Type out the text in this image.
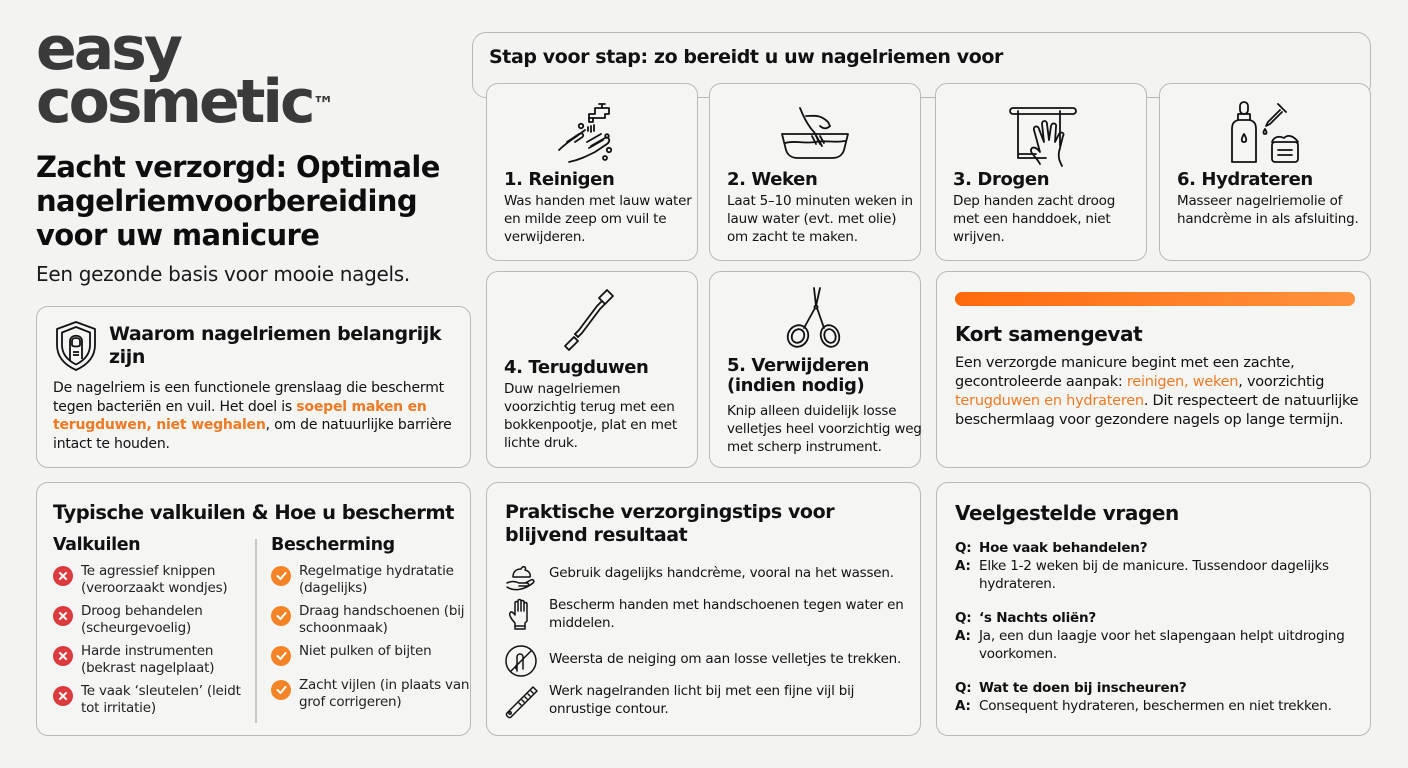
easy
cosmetic™
Zacht verzorgd: Optimale nagelriemvoorbereiding voor uw manicure
Een gezonde basis voor mooie nagels.
Waarom nagelriemen belangrijk zijn

De nagelriem is een functionele grenslaag die beschermt tegen bacteriën en vuil. Het doel is soepel maken en terugduwen, niet weghalen, om de natuurlijke barrière intact te houden.

Stap voor stap: zo bereidt u uw nagelriemen voor
1. Reinigen
Was handen met lauw water en milde zeep om vuil te verwijderen.
2. Weken
Laat 5–10 minuten weken in lauw water (evt. met olie) om zacht te maken.
3. Drogen
Dep handen zacht droog met een handdoek, niet wrijven.
6. Hydrateren
Masseer nagelriemolie of handcrème in als afsluiting.
4. Terugduwen
Duw nagelriemen voorzichtig terug met een bokkenpootje, plat en met lichte druk.
5. Verwijderen (indien nodig)
Knip alleen duidelijk losse velletjes heel voorzichtig weg met scherp instrument.
Kort samengevat

Een verzorgde manicure begint met een zachte, gecontroleerde aanpak: reinigen, weken, voorzichtig terugduwen en hydrateren. Dit respecteert de natuurlijke beschermlaag voor gezondere nagels op lange termijn.

Typische valkuilen & Hoe u beschermt
Valkuilen
Te agressief knippen (veroorzaakt wondjes)
Droog behandelen (scheurgevoelig)
Harde instrumenten (bekrast nagelplaat)
Te vaak ‘sleutelen’ (leidt tot irritatie)
Bescherming
Regelmatige hydratatie (dagelijks)
Draag handschoenen (bij schoonmaak)
Niet pulken of bijten
Zacht vijlen (in plaats van grof corrigeren)
Praktische verzorgingstips voor blijvend resultaat
Gebruik dagelijks handcrème, vooral na het wassen.
Bescherm handen met handschoenen tegen water en middelen.
Weersta de neiging om aan losse velletjes te trekken.
Werk nagelranden licht bij met een fijne vijl bij onrustige contour.
Veelgestelde vragen
Q: Hoe vaak behandelen?
A: Elke 1-2 weken bij de manicure. Tussendoor dagelijks hydrateren.
Q: ‘s Nachts oliën?
A: Ja, een dun laagje voor het slapengaan helpt uitdroging voorkomen.
Q: Wat te doen bij inscheuren?
A: Consequent hydrateren, beschermen en niet trekken.
